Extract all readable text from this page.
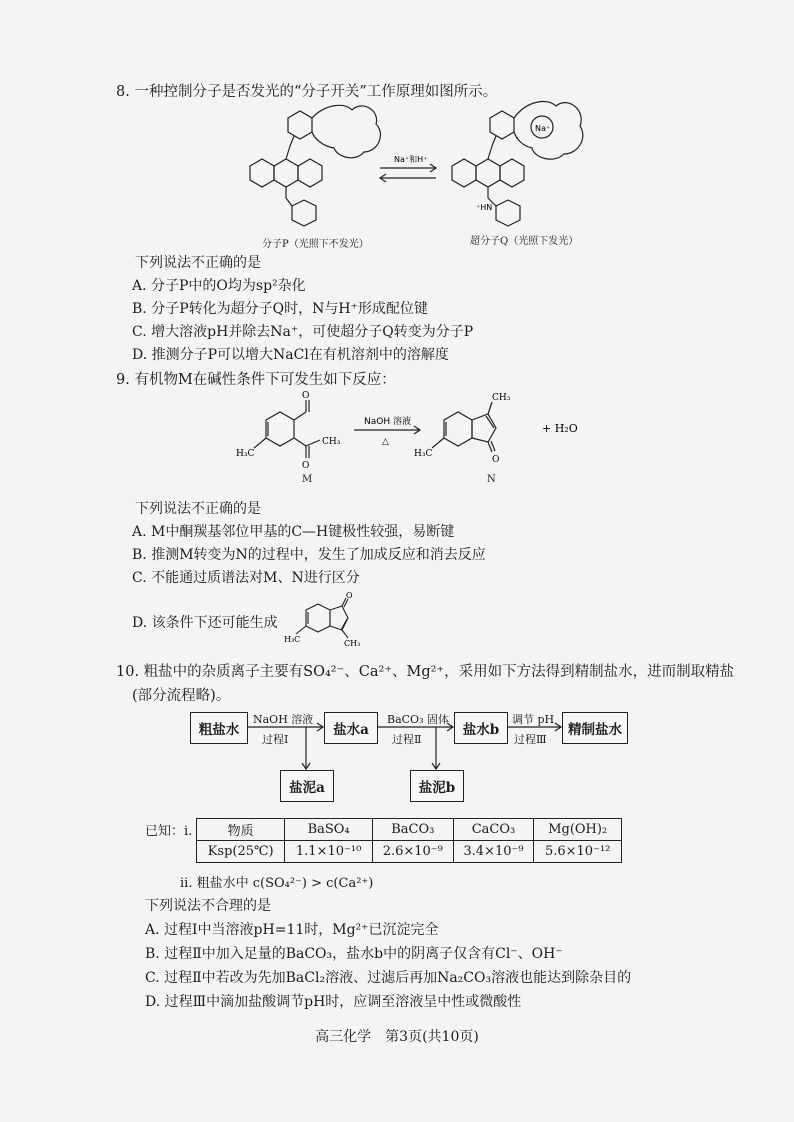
8. 一种控制分子是否发光的“分子开关”工作原理如图所示。
Na⁺和H⁺
Na⁺
⁺HN
分子P（光照下不发光）	超分子Q（光照下发光）
下列说法不正确的是
A. 分子P中的O均为sp²杂化
B. 分子P转化为超分子Q时，N与H⁺形成配位键
C. 增大溶液pH并除去Na⁺，可使超分子Q转变为分子P
D. 推测分子P可以增大NaCl在有机溶剂中的溶解度
9. 有机物M在碱性条件下可发生如下反应：
O
CH₃
O
H₃C
NaOH 溶液
△
CH₃
O
H₃C
+ H₂O
M	N
下列说法不正确的是
A. M中酮羰基邻位甲基的C—H键极性较强，易断键
B. 推测M转变为N的过程中，发生了加成反应和消去反应
C. 不能通过质谱法对M、N进行区分
D. 该条件下还可能生成
O
CH₃
H₃C
10. 粗盐中的杂质离子主要有SO₄²⁻、Ca²⁺、Mg²⁺，采用如下方法得到精制盐水，进而制取精盐
(部分流程略)。
粗盐水	盐水a	盐水b	精制盐水
盐泥a	盐泥b
NaOH 溶液
过程Ⅰ
BaCO₃ 固体
过程Ⅱ
调节 pH
过程Ⅲ
已知：i.	物质	BaSO₄	BaCO₃	CaCO₃	Mg(OH)₂
Ksp(25℃)	1.1×10⁻¹⁰	2.6×10⁻⁹	3.4×10⁻⁹	5.6×10⁻¹²
ii. 粗盐水中 c(SO₄²⁻) > c(Ca²⁺)
下列说法不合理的是
A. 过程Ⅰ中当溶液pH=11时，Mg²⁺已沉淀完全
B. 过程Ⅱ中加入足量的BaCO₃，盐水b中的阴离子仅含有Cl⁻、OH⁻
C. 过程Ⅱ中若改为先加BaCl₂溶液、过滤后再加Na₂CO₃溶液也能达到除杂目的
D. 过程Ⅲ中滴加盐酸调节pH时，应调至溶液呈中性或微酸性
高三化学　第3页(共10页)
